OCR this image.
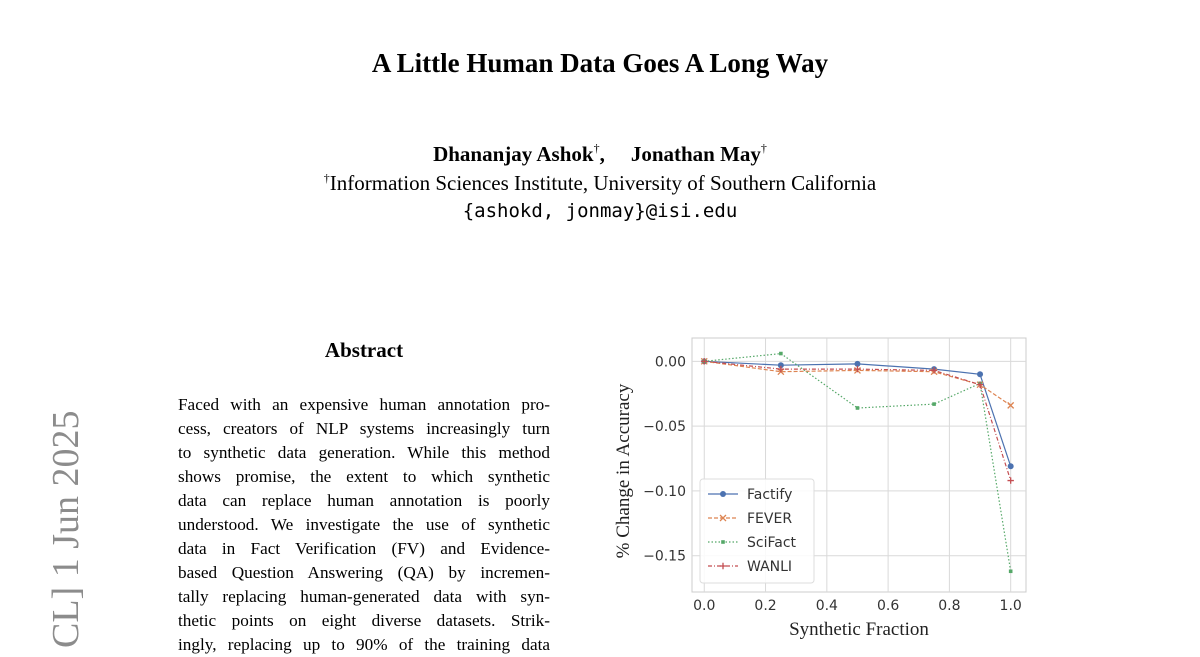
A Little Human Data Goes A Long Way
Dhananjay Ashok†, Jonathan May†
†Information Sciences Institute, University of Southern California
{ashokd, jonmay}@isi.edu
CL] 1 Jun 2025
Abstract
Faced with an expensive human annotation pro-
cess, creators of NLP systems increasingly turn
to synthetic data generation. While this method
shows promise, the extent to which synthetic
data can replace human annotation is poorly
understood. We investigate the use of synthetic
data in Fact Verification (FV) and Evidence-
based Question Answering (QA) by incremen-
tally replacing human-generated data with syn-
thetic points on eight diverse datasets. Strik-
ingly, replacing up to 90% of the training data
0.0	0.2	0.4	0.6	0.8	1.0
0.00
−0.05
−0.10
−0.15
Synthetic Fraction
% Change in Accuracy	Factify
FEVER
SciFact
WANLI
